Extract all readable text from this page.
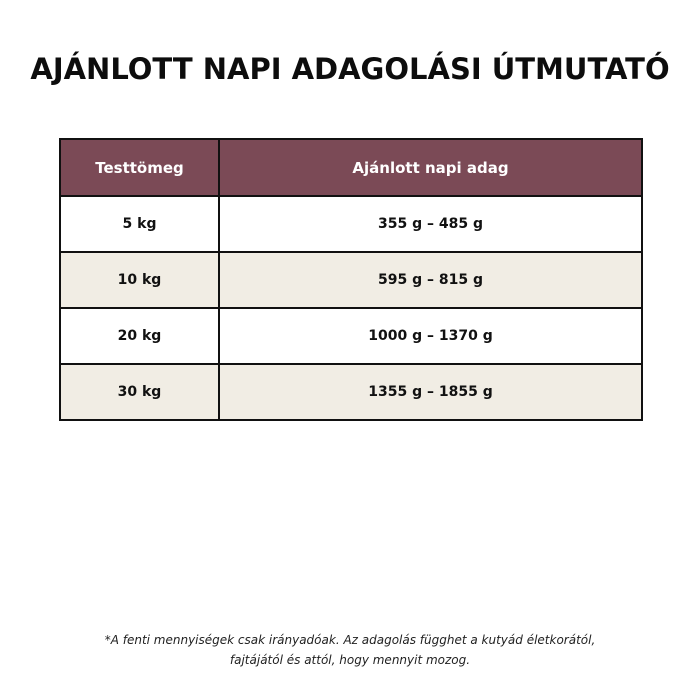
AJÁNLOTT NAPI ADAGOLÁSI ÚTMUTATÓ
Testtömeg	Ajánlott napi adag
5 kg	355 g – 485 g
10 kg	595 g – 815 g
20 kg	1000 g – 1370 g
30 kg	1355 g – 1855 g
*A fenti mennyiségek csak irányadóak. Az adagolás függhet a kutyád életkorától,
fajtájától és attól, hogy mennyit mozog.
